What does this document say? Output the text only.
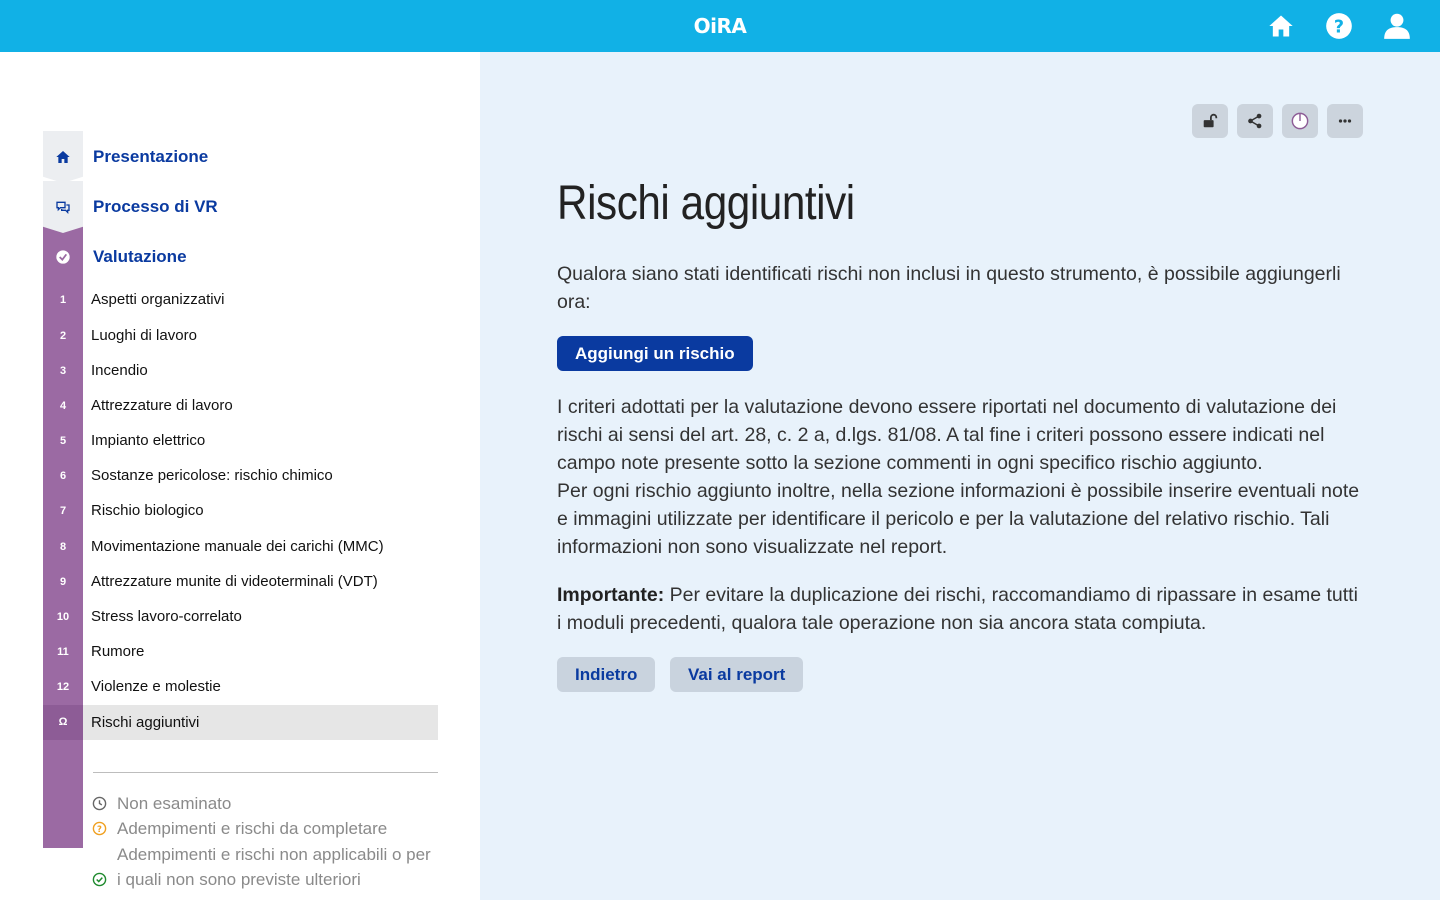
OiRA	?
Presentazione
Processo di VR
Valutazione
1	Aspetti organizzativi
2	Luoghi di lavoro
3	Incendio
4	Attrezzature di lavoro
5	Impianto elettrico
6	Sostanze pericolose: rischio chimico
7	Rischio biologico
8	Movimentazione manuale dei carichi (MMC)
9	Attrezzature munite di videoterminali (VDT)
10	Stress lavoro-correlato
11	Rumore
12	Violenze e molestie
Ω	Rischi aggiuntivi
Non esaminato
? Adempimenti e rischi da completare
Adempimenti e rischi non applicabili o per i quali non sono previste ulteriori
Rischi aggiuntivi

Qualora siano stati identificati rischi non inclusi in questo strumento, è possibile aggiungerli ora:

Aggiungi un rischio

I criteri adottati per la valutazione devono essere riportati nel documento di valutazione dei rischi ai sensi del art. 28, c. 2 a, d.lgs. 81/08. A tal fine i criteri possono essere indicati nel campo note presente sotto la sezione commenti in ogni specifico rischio aggiunto.

Per ogni rischio aggiunto inoltre, nella sezione informazioni è possibile inserire eventuali note e immagini utilizzate per identificare il pericolo e per la valutazione del relativo rischio. Tali informazioni non sono visualizzate nel report.

Importante: Per evitare la duplicazione dei rischi, raccomandiamo di ripassare in esame tutti i moduli precedenti, qualora tale operazione non sia ancora stata compiuta.

Indietro	Vai al report
